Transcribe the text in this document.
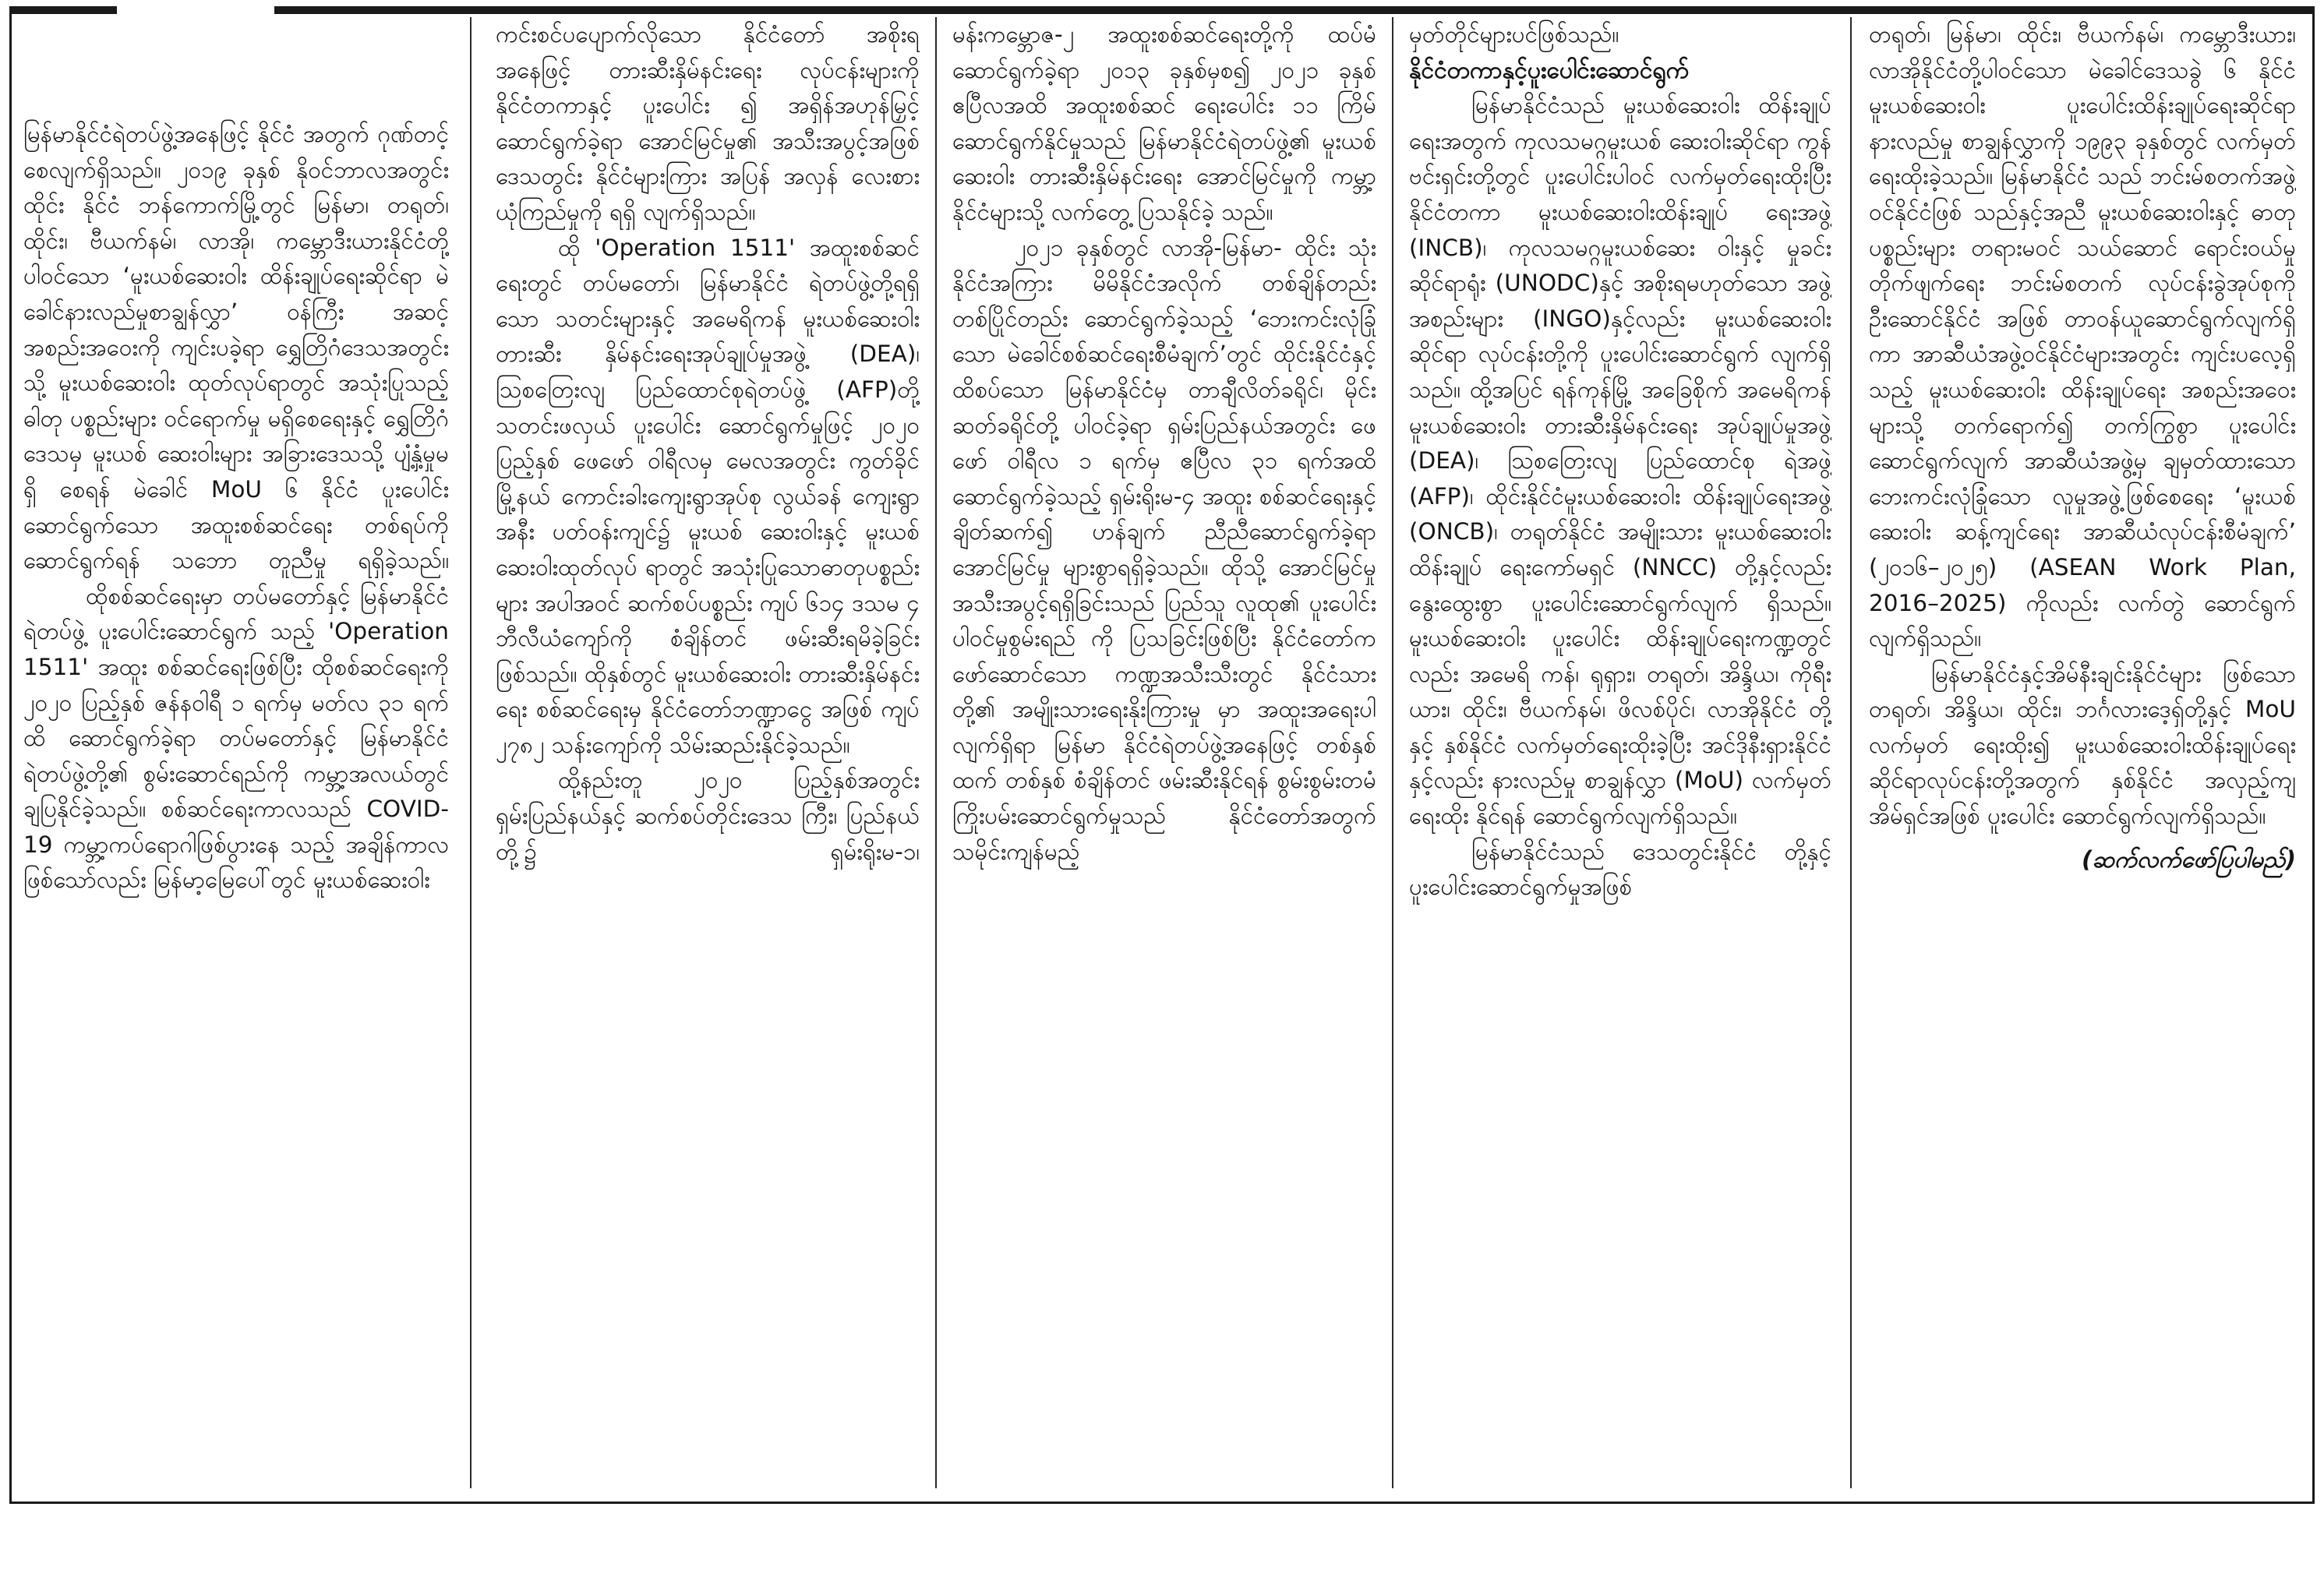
မြန်မာနိုင်ငံရဲတပ်ဖွဲ့အနေဖြင့် နိုင်ငံ အတွက် ဂုဏ်တင့်စေလျက်ရှိသည်။ ၂၀၁၉ ခုနှစ် နိုဝင်ဘာလအတွင်း ထိုင်း နိုင်ငံ ဘန်ကောက်မြို့တွင် မြန်မာ၊ တရုတ်၊ ထိုင်း၊ ဗီယက်နမ်၊ လာအို၊ ကမ္ဘောဒီးယားနိုင်ငံတို့ ပါဝင်သော ‘မူးယစ်ဆေးဝါး ထိန်းချုပ်ရေးဆိုင်ရာ မဲခေါင်နားလည်မှုစာချွန်လွှာ’ ဝန်ကြီး အဆင့်အစည်းအဝေးကို ကျင်းပခဲ့ရာ ရွှေတြိဂံဒေသအတွင်းသို့ မူးယစ်ဆေးဝါး ထုတ်လုပ်ရာတွင် အသုံးပြုသည့် ဓါတု ပစ္စည်းများ ဝင်ရောက်မှု မရှိစေရေးနှင့် ရွှေတြိဂံဒေသမှ မူးယစ် ဆေးဝါးများ အခြားဒေသသို့ ပျံ့နှံ့မှုမရှိ စေရန် မဲခေါင် MoU ၆ နိုင်ငံ ပူးပေါင်း ဆောင်ရွက်သော အထူးစစ်ဆင်ရေး တစ်ရပ်ကိုဆောင်ရွက်ရန် သဘော တူညီမှု ရရှိခဲ့သည်။

ထိုစစ်ဆင်ရေးမှာ တပ်မတော်နှင့် မြန်မာနိုင်ငံရဲတပ်ဖွဲ့ ပူးပေါင်းဆောင်ရွက် သည့် 'Operation 1511' အထူး စစ်ဆင်ရေးဖြစ်ပြီး ထိုစစ်ဆင်ရေးကို ၂၀၂၀ ပြည့်နှစ် ဇန်နဝါရီ ၁ ရက်မှ မတ်လ ၃၁ ရက်ထိ ဆောင်ရွက်ခဲ့ရာ တပ်မတော်နှင့် မြန်မာနိုင်ငံရဲတပ်ဖွဲ့တို့၏ စွမ်းဆောင်ရည်ကို ကမ္ဘာ့အလယ်တွင် ချပြနိုင်ခဲ့သည်။ စစ်ဆင်ရေးကာလသည် COVID-19 ကမ္ဘာ့ကပ်ရောဂါဖြစ်ပွားနေ သည့် အချိန်ကာလဖြစ်သော်လည်း မြန်မာ့မြေပေါ်တွင် မူးယစ်ဆေးဝါး

ကင်းစင်ပပျောက်လိုသော နိုင်ငံတော် အစိုးရအနေဖြင့် တားဆီးနှိမ်နင်းရေး လုပ်ငန်းများကို နိုင်ငံတကာနှင့် ပူးပေါင်း ၍ အရှိန်အဟုန်မြှင့် ဆောင်ရွက်ခဲ့ရာ အောင်မြင်မှု၏ အသီးအပွင့်အဖြစ် ဒေသတွင်း နိုင်ငံများကြား အပြန် အလှန် လေးစားယုံကြည်မှုကို ရရှိ လျက်ရှိသည်။

ထို 'Operation 1511' အထူးစစ်ဆင် ရေးတွင် တပ်မတော်၊ မြန်မာနိုင်ငံ ရဲတပ်ဖွဲ့တို့ရရှိသော သတင်းများနှင့် အမေရိကန် မူးယစ်ဆေးဝါးတားဆီး နှိမ်နင်းရေးအုပ်ချုပ်မှုအဖွဲ့ (DEA)၊ ဩစတြေးလျ ပြည်ထောင်စုရဲတပ်ဖွဲ့ (AFP)တို့ သတင်းဖလှယ် ပူးပေါင်း ဆောင်ရွက်မှုဖြင့် ၂၀၂၀ ပြည့်နှစ် ဖေဖော် ဝါရီလမှ မေလအတွင်း ကွတ်ခိုင်မြို့နယ် ကောင်းခါးကျေးရွာအုပ်စု လွယ်ခန် ကျေးရွာအနီး ပတ်ဝန်းကျင်၌ မူးယစ် ဆေးဝါးနှင့် မူးယစ်ဆေးဝါးထုတ်လုပ် ရာတွင် အသုံးပြုသောဓာတုပစ္စည်းများ အပါအဝင် ဆက်စပ်ပစ္စည်း ကျပ် ၆၁၄ ဒသမ ၄ ဘီလီယံကျော်ကို စံချိန်တင် ဖမ်းဆီးရမိခဲ့ခြင်းဖြစ်သည်။ ထိုနှစ်တွင် မူးယစ်ဆေးဝါး တားဆီးနှိမ်နင်းရေး စစ်ဆင်ရေးမှ နိုင်ငံတော်ဘဏ္ဍာငွေ အဖြစ် ကျပ် ၂၇၈၂ သန်းကျော်ကို သိမ်းဆည်းနိုင်ခဲ့သည်။

ထို့နည်းတူ ၂၀၂၀ ပြည့်နှစ်အတွင်း ရှမ်းပြည်နယ်နှင့် ဆက်စပ်တိုင်းဒေသ ကြီး၊ ပြည်နယ်တို့၌ ရှမ်းရိုးမ-၁၊

မန်းကမ္ဘောဇ-၂ အထူးစစ်ဆင်ရေးတို့ကို ထပ်မံဆောင်ရွက်ခဲ့ရာ ၂၀၁၃ ခုနှစ်မှစ၍ ၂၀၂၁ ခုနှစ် ဧပြီလအထိ အထူးစစ်ဆင် ရေးပေါင်း ၁၁ ကြိမ်ဆောင်ရွက်နိုင်မှုသည် မြန်မာနိုင်ငံရဲတပ်ဖွဲ့၏ မူးယစ်ဆေးဝါး တားဆီးနှိမ်နင်းရေး အောင်မြင်မှုကို ကမ္ဘာ့နိုင်ငံများသို့ လက်တွေ့ ပြသနိုင်ခဲ့ သည်။

၂၀၂၁ ခုနှစ်တွင် လာအို-မြန်မာ- ထိုင်း သုံးနိုင်ငံအကြား မိမိနိုင်ငံအလိုက် တစ်ချိန်တည်း တစ်ပြိုင်တည်း ဆောင်ရွက်ခဲ့သည့် ‘ဘေးကင်းလုံခြုံ သော မဲခေါင်စစ်ဆင်ရေးစီမံချက်’တွင် ထိုင်းနိုင်ငံနှင့် ထိစပ်သော မြန်မာနိုင်ငံမှ တာချီလိတ်ခရိုင်၊ မိုင်းဆတ်ခရိုင်တို့ ပါဝင်ခဲ့ရာ ရှမ်းပြည်နယ်အတွင်း ဖေဖော် ဝါရီလ ၁ ရက်မှ ဧပြီလ ၃၁ ရက်အထိ ဆောင်ရွက်ခဲ့သည့် ရှမ်းရိုးမ-၄ အထူး စစ်ဆင်ရေးနှင့်ချိတ်ဆက်၍ ဟန်ချက် ညီညီဆောင်ရွက်ခဲ့ရာ အောင်မြင်မှု များစွာရရှိခဲ့သည်။ ထိုသို့ အောင်မြင်မှု အသီးအပွင့်ရရှိခြင်းသည် ပြည်သူ လူထု၏ ပူးပေါင်းပါဝင်မှုစွမ်းရည် ကို ပြသခြင်းဖြစ်ပြီး နိုင်ငံတော်က ဖော်ဆောင်သော ကဏ္ဍအသီးသီးတွင် နိုင်ငံသားတို့၏ အမျိုးသားရေးနိုးကြားမှု မှာ အထူးအရေးပါလျက်ရှိရာ မြန်မာ နိုင်ငံရဲတပ်ဖွဲ့အနေဖြင့် တစ်နှစ်ထက် တစ်နှစ် စံချိန်တင် ဖမ်းဆီးနိုင်ရန် စွမ်းစွမ်းတမံ ကြိုးပမ်းဆောင်ရွက်မှုသည် နိုင်ငံတော်အတွက် သမိုင်းကျန်မည့်

မှတ်တိုင်များပင်ဖြစ်သည်။

နိုင်ငံတကာနှင့်ပူးပေါင်းဆောင်ရွက်

မြန်မာနိုင်ငံသည် မူးယစ်ဆေးဝါး ထိန်းချုပ်ရေးအတွက် ကုလသမဂ္ဂမူးယစ် ဆေးဝါးဆိုင်ရာ ကွန်ဗင်းရှင်းတို့တွင် ပူးပေါင်းပါဝင် လက်မှတ်ရေးထိုးပြီး နိုင်ငံတကာ မူးယစ်ဆေးဝါးထိန်းချုပ် ရေးအဖွဲ့ (INCB)၊ ကုလသမဂ္ဂမူးယစ်ဆေး ဝါးနှင့် မှုခင်းဆိုင်ရာရုံး (UNODC)နှင့် အစိုးရမဟုတ်သော အဖွဲ့အစည်းများ (INGO)နှင့်လည်း မူးယစ်ဆေးဝါးဆိုင်ရာ လုပ်ငန်းတို့ကို ပူးပေါင်းဆောင်ရွက် လျက်ရှိသည်။ ထို့အပြင် ရန်ကုန်မြို့ အခြေစိုက် အမေရိကန်မူးယစ်ဆေးဝါး တားဆီးနှိမ်နင်းရေး အုပ်ချုပ်မှုအဖွဲ့ (DEA)၊ ဩစတြေးလျ ပြည်ထောင်စု ရဲအဖွဲ့ (AFP)၊ ထိုင်းနိုင်ငံမူးယစ်ဆေးဝါး ထိန်းချုပ်ရေးအဖွဲ့ (ONCB)၊ တရုတ်နိုင်ငံ အမျိုးသား မူးယစ်ဆေးဝါးထိန်းချုပ် ရေးကော်မရှင် (NNCC) တို့နှင့်လည်း နွေးထွေးစွာ ပူးပေါင်းဆောင်ရွက်လျက် ရှိသည်။ မူးယစ်ဆေးဝါး ပူးပေါင်း ထိန်းချုပ်ရေးကဏ္ဍတွင်လည်း အမေရိ ကန်၊ ရုရှား၊ တရုတ်၊ အိန္ဒိယ၊ ကိုရီးယား၊ ထိုင်း၊ ဗီယက်နမ်၊ ဖိလစ်ပိုင်၊ လာအိုနိုင်ငံ တို့နှင့် နှစ်နိုင်ငံ လက်မှတ်ရေးထိုးခဲ့ပြီး အင်ဒိုနီးရှားနိုင်ငံနှင့်လည်း နားလည်မှု စာချွန်လွှာ (MoU) လက်မှတ်ရေးထိုး နိုင်ရန် ဆောင်ရွက်လျက်ရှိသည်။

မြန်မာနိုင်ငံသည် ဒေသတွင်းနိုင်ငံ တို့နှင့် ပူးပေါင်းဆောင်ရွက်မှုအဖြစ်

တရုတ်၊ မြန်မာ၊ ထိုင်း၊ ဗီယက်နမ်၊ ကမ္ဘောဒီးယား၊ လာအိုနိုင်ငံတို့ပါဝင်သော မဲခေါင်ဒေသခွဲ ၆ နိုင်ငံ မူးယစ်ဆေးဝါး ပူးပေါင်းထိန်းချုပ်ရေးဆိုင်ရာ နားလည်မှု စာချွန်လွှာကို ၁၉၉၃ ခုနှစ်တွင် လက်မှတ်ရေးထိုးခဲ့သည်။ မြန်မာနိုင်ငံ သည် ဘင်းမ်စတက်အဖွဲ့ဝင်နိုင်ငံဖြစ် သည်နှင့်အညီ မူးယစ်ဆေးဝါးနှင့် ဓာတု ပစ္စည်းများ တရားမဝင် သယ်ဆောင် ရောင်းဝယ်မှုတိုက်ဖျက်ရေး ဘင်းမ်စတက် လုပ်ငန်းခွဲအုပ်စုကို ဦးဆောင်နိုင်ငံ အဖြစ် တာဝန်ယူဆောင်ရွက်လျက်ရှိ ကာ အာဆီယံအဖွဲ့ဝင်နိုင်ငံများအတွင်း ကျင်းပလေ့ရှိသည့် မူးယစ်ဆေးဝါး ထိန်းချုပ်ရေး အစည်းအဝေးများသို့ တက်ရောက်၍ တက်ကြွစွာ ပူးပေါင်း ဆောင်ရွက်လျက် အာဆီယံအဖွဲ့မှ ချမှတ်ထားသော ဘေးကင်းလုံခြုံသော လူမှုအဖွဲ့ဖြစ်စေရေး ‘မူးယစ်ဆေးဝါး ဆန့်ကျင်ရေး အာဆီယံလုပ်ငန်းစီမံချက်’ (၂၀၁၆–၂၀၂၅) (ASEAN Work Plan, 2016–2025) ကိုလည်း လက်တွဲ ဆောင်ရွက်လျက်ရှိသည်။

မြန်မာနိုင်ငံနှင့်အိမ်နီးချင်းနိုင်ငံများ ဖြစ်သော တရုတ်၊ အိန္ဒိယ၊ ထိုင်း၊ ဘင်္ဂလားဒေ့ရှ်တို့နှင့် MoU လက်မှတ် ရေးထိုး၍ မူးယစ်ဆေးဝါးထိန်းချုပ်ရေး ဆိုင်ရာလုပ်ငန်းတို့အတွက် နှစ်နိုင်ငံ အလှည့်ကျအိမ်ရှင်အဖြစ် ပူးပေါင်း ဆောင်ရွက်လျက်ရှိသည်။

(ဆက်လက်ဖော်ပြပါမည်)
